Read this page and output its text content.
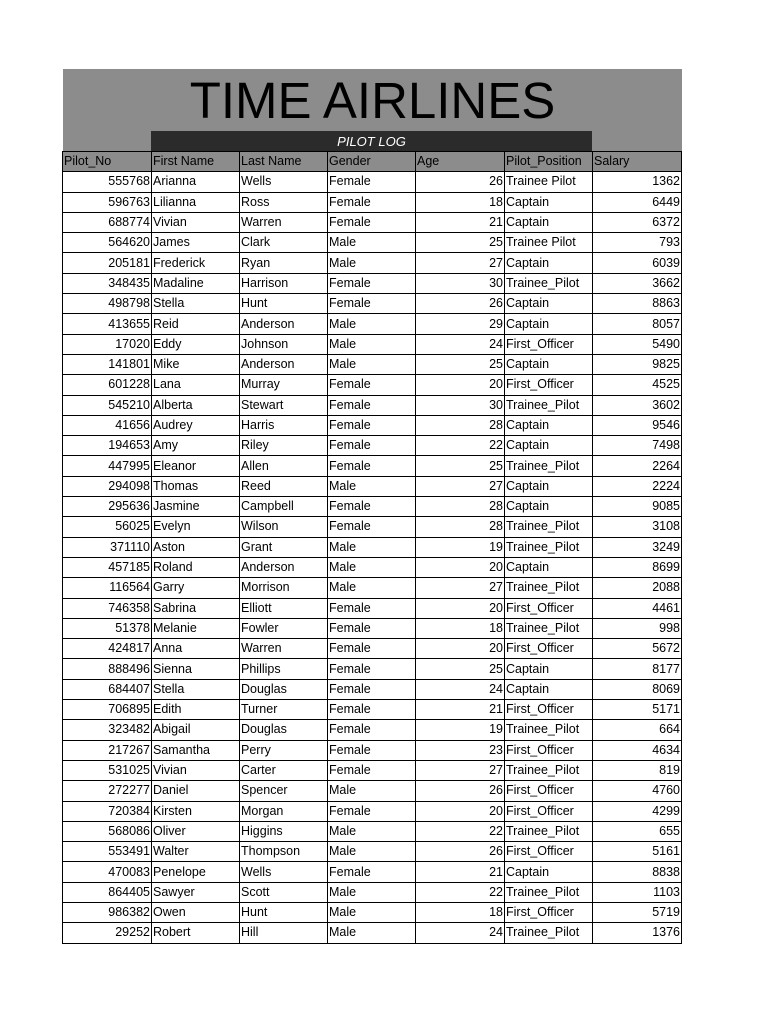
TIME AIRLINES
PILOT LOG
Pilot_No	First Name	Last Name	Gender	Age	Pilot_Position	Salary
555768	Arianna	Wells	Female	26	Trainee Pilot	1362
596763	Lilianna	Ross	Female	18	Captain	6449
688774	Vivian	Warren	Female	21	Captain	6372
564620	James	Clark	Male	25	Trainee Pilot	793
205181	Frederick	Ryan	Male	27	Captain	6039
348435	Madaline	Harrison	Female	30	Trainee_Pilot	3662
498798	Stella	Hunt	Female	26	Captain	8863
413655	Reid	Anderson	Male	29	Captain	8057
17020	Eddy	Johnson	Male	24	First_Officer	5490
141801	Mike	Anderson	Male	25	Captain	9825
601228	Lana	Murray	Female	20	First_Officer	4525
545210	Alberta	Stewart	Female	30	Trainee_Pilot	3602
41656	Audrey	Harris	Female	28	Captain	9546
194653	Amy	Riley	Female	22	Captain	7498
447995	Eleanor	Allen	Female	25	Trainee_Pilot	2264
294098	Thomas	Reed	Male	27	Captain	2224
295636	Jasmine	Campbell	Female	28	Captain	9085
56025	Evelyn	Wilson	Female	28	Trainee_Pilot	3108
371110	Aston	Grant	Male	19	Trainee_Pilot	3249
457185	Roland	Anderson	Male	20	Captain	8699
116564	Garry	Morrison	Male	27	Trainee_Pilot	2088
746358	Sabrina	Elliott	Female	20	First_Officer	4461
51378	Melanie	Fowler	Female	18	Trainee_Pilot	998
424817	Anna	Warren	Female	20	First_Officer	5672
888496	Sienna	Phillips	Female	25	Captain	8177
684407	Stella	Douglas	Female	24	Captain	8069
706895	Edith	Turner	Female	21	First_Officer	5171
323482	Abigail	Douglas	Female	19	Trainee_Pilot	664
217267	Samantha	Perry	Female	23	First_Officer	4634
531025	Vivian	Carter	Female	27	Trainee_Pilot	819
272277	Daniel	Spencer	Male	26	First_Officer	4760
720384	Kirsten	Morgan	Female	20	First_Officer	4299
568086	Oliver	Higgins	Male	22	Trainee_Pilot	655
553491	Walter	Thompson	Male	26	First_Officer	5161
470083	Penelope	Wells	Female	21	Captain	8838
864405	Sawyer	Scott	Male	22	Trainee_Pilot	1103
986382	Owen	Hunt	Male	18	First_Officer	5719
29252	Robert	Hill	Male	24	Trainee_Pilot	1376
